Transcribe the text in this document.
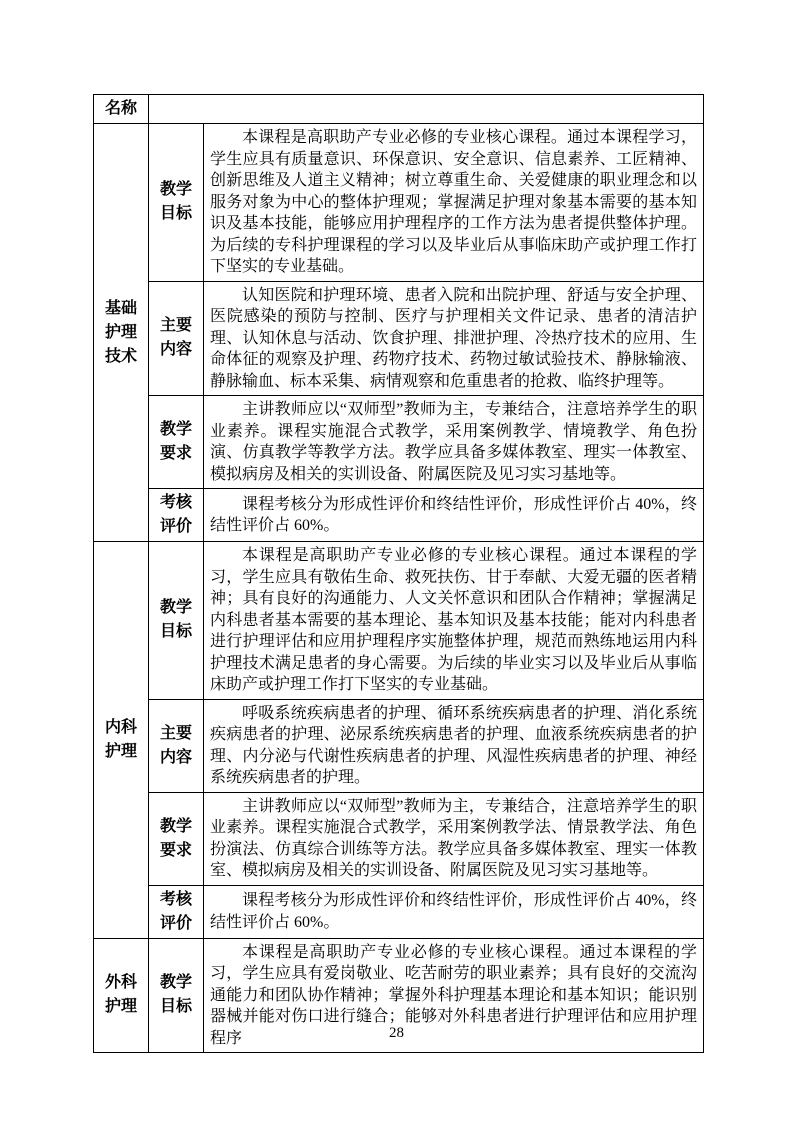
名称		

基础护理技术	教学目标	本课程是高职助产专业必修的专业核心课程。通过本课程学习，学生应具有质量意识、环保意识、安全意识、信息素养、工匠精神、创新思维及人道主义精神；树立尊重生命、关爱健康的职业理念和以服务对象为中心的整体护理观；掌握满足护理对象基本需要的基本知识及基本技能，能够应用护理程序的工作方法为患者提供整体护理。为后续的专科护理课程的学习以及毕业后从事临床助产或护理工作打下坚实的专业基础。

	主要内容	认知医院和护理环境、患者入院和出院护理、舒适与安全护理、医院感染的预防与控制、医疗与护理相关文件记录、患者的清洁护理、认知休息与活动、饮食护理、排泄护理、冷热疗技术的应用、生命体征的观察及护理、药物疗技术、药物过敏试验技术、静脉输液、静脉输血、标本采集、病情观察和危重患者的抢救、临终护理等。

	教学要求	主讲教师应以“双师型”教师为主，专兼结合，注意培养学生的职业素养。课程实施混合式教学，采用案例教学、情境教学、角色扮演、仿真教学等教学方法。教学应具备多媒体教室、理实一体教室、模拟病房及相关的实训设备、附属医院及见习实习基地等。

	考核评价	课程考核分为形成性评价和终结性评价，形成性评价占 40%，终结性评价占 60%。

内科护理	教学目标	本课程是高职助产专业必修的专业核心课程。通过本课程的学习，学生应具有敬佑生命、救死扶伤、甘于奉献、大爱无疆的医者精神；具有良好的沟通能力、人文关怀意识和团队合作精神；掌握满足内科患者基本需要的基本理论、基本知识及基本技能；能对内科患者进行护理评估和应用护理程序实施整体护理，规范而熟练地运用内科护理技术满足患者的身心需要。为后续的毕业实习以及毕业后从事临床助产或护理工作打下坚实的专业基础。

	主要内容	呼吸系统疾病患者的护理、循环系统疾病患者的护理、消化系统疾病患者的护理、泌尿系统疾病患者的护理、血液系统疾病患者的护理、内分泌与代谢性疾病患者的护理、风湿性疾病患者的护理、神经系统疾病患者的护理。

	教学要求	主讲教师应以“双师型”教师为主，专兼结合，注意培养学生的职业素养。课程实施混合式教学，采用案例教学法、情景教学法、角色扮演法、仿真综合训练等方法。教学应具备多媒体教室、理实一体教室、模拟病房及相关的实训设备、附属医院及见习实习基地等。

	考核评价	课程考核分为形成性评价和终结性评价，形成性评价占 40%，终结性评价占 60%。

外科护理	教学目标	本课程是高职助产专业必修的专业核心课程。通过本课程的学习，学生应具有爱岗敬业、吃苦耐劳的职业素养；具有良好的交流沟通能力和团队协作精神；掌握外科护理基本理论和基本知识；能识别器械并能对伤口进行缝合；能够对外科患者进行护理评估和应用护理程序	28
